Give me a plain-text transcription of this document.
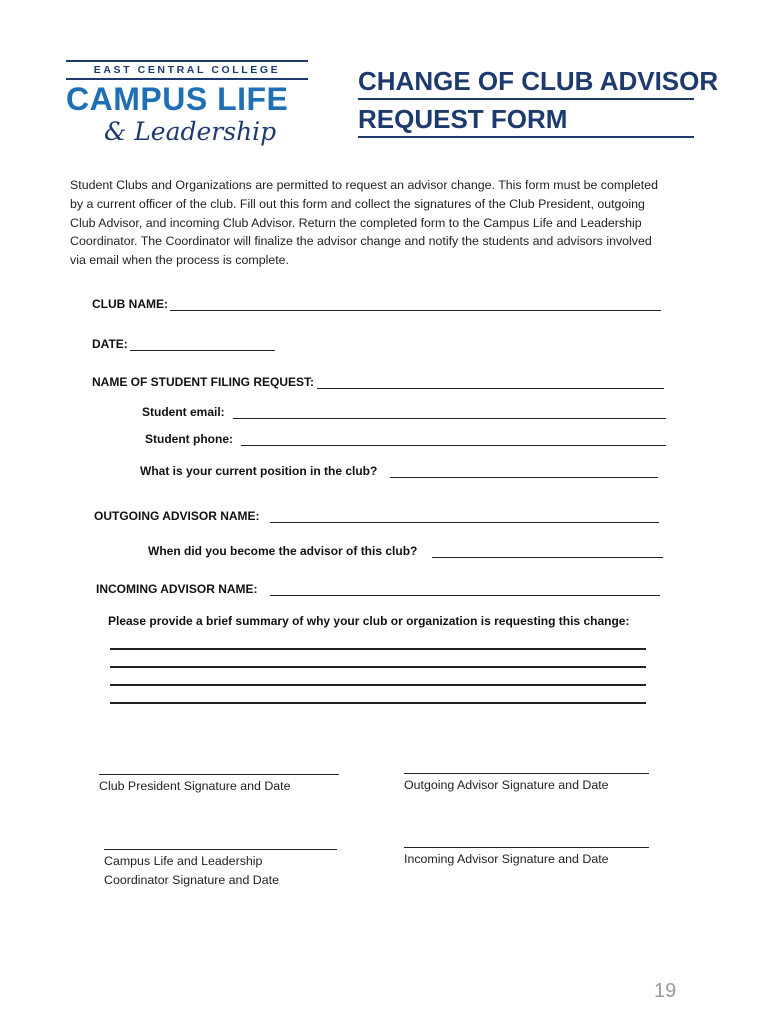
EAST CENTRAL COLLEGE
CAMPUS LIFE
& Leadership
CHANGE OF CLUB ADVISOR
REQUEST FORM
Student Clubs and Organizations are permitted to request an advisor change. This form must be completed by a current officer of the club. Fill out this form and collect the signatures of the Club President, outgoing Club Advisor, and incoming Club Advisor. Return the completed form to the Campus Life and Leadership Coordinator. The Coordinator will finalize the advisor change and notify the students and advisors involved via email when the process is complete.
CLUB NAME:
DATE:
NAME OF STUDENT FILING REQUEST:
Student email:
Student phone:
What is your current position in the club?
OUTGOING ADVISOR NAME:
When did you become the advisor of this club?
INCOMING ADVISOR NAME:
Please provide a brief summary of why your club or organization is requesting this change:
Club President Signature and Date	Outgoing Advisor Signature and Date
Campus Life and Leadership
Coordinator Signature and Date
Incoming Advisor Signature and Date
19
